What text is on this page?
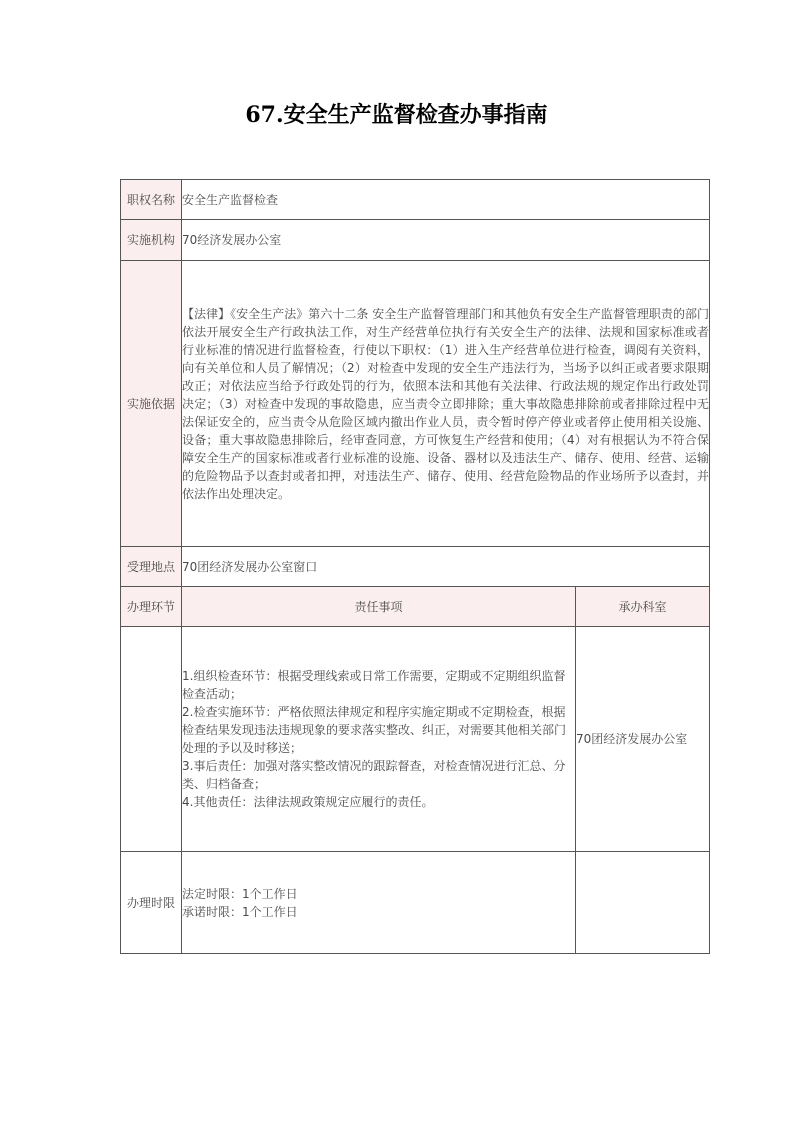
67.安全生产监督检查办事指南
职权名称	安全生产监督检查	
实施机构	70经济发展办公室	
实施依据	【法律】《安全生产法》第六十二条 安全生产监督管理部门和其他负有安全生产监督管理职责的部门依法开展安全生产行政执法工作，对生产经营单位执行有关安全生产的法律、法规和国家标准或者行业标准的情况进行监督检查，行使以下职权：（1）进入生产经营单位进行检查，调阅有关资料，向有关单位和人员了解情况；（2）对检查中发现的安全生产违法行为，当场予以纠正或者要求限期改正；对依法应当给予行政处罚的行为，依照本法和其他有关法律、行政法规的规定作出行政处罚决定；（3）对检查中发现的事故隐患，应当责令立即排除；重大事故隐患排除前或者排除过程中无法保证安全的，应当责令从危险区域内撤出作业人员，责令暂时停产停业或者停止使用相关设施、设备；重大事故隐患排除后，经审查同意，方可恢复生产经营和使用；（4）对有根据认为不符合保障安全生产的国家标准或者行业标准的设施、设备、器材以及违法生产、储存、使用、经营、运输的危险物品予以查封或者扣押，对违法生产、储存、使用、经营危险物品的作业场所予以查封，并依法作出处理决定。	
受理地点	70团经济发展办公室窗口	
办理环节	责任事项	承办科室

	1.组织检查环节：根据受理线索或日常工作需要，定期或不定期组织监督检查活动；
2.检查实施环节：严格依照法律规定和程序实施定期或不定期检查，根据检查结果发现违法违规现象的要求落实整改、纠正，对需要其他相关部门处理的予以及时移送；
3.事后责任：加强对落实整改情况的跟踪督查，对检查情况进行汇总、分类、归档备查；
4.其他责任：法律法规政策规定应履行的责任。	70团经济发展办公室
办理时限	法定时限：1个工作日
承诺时限：1个工作日	
